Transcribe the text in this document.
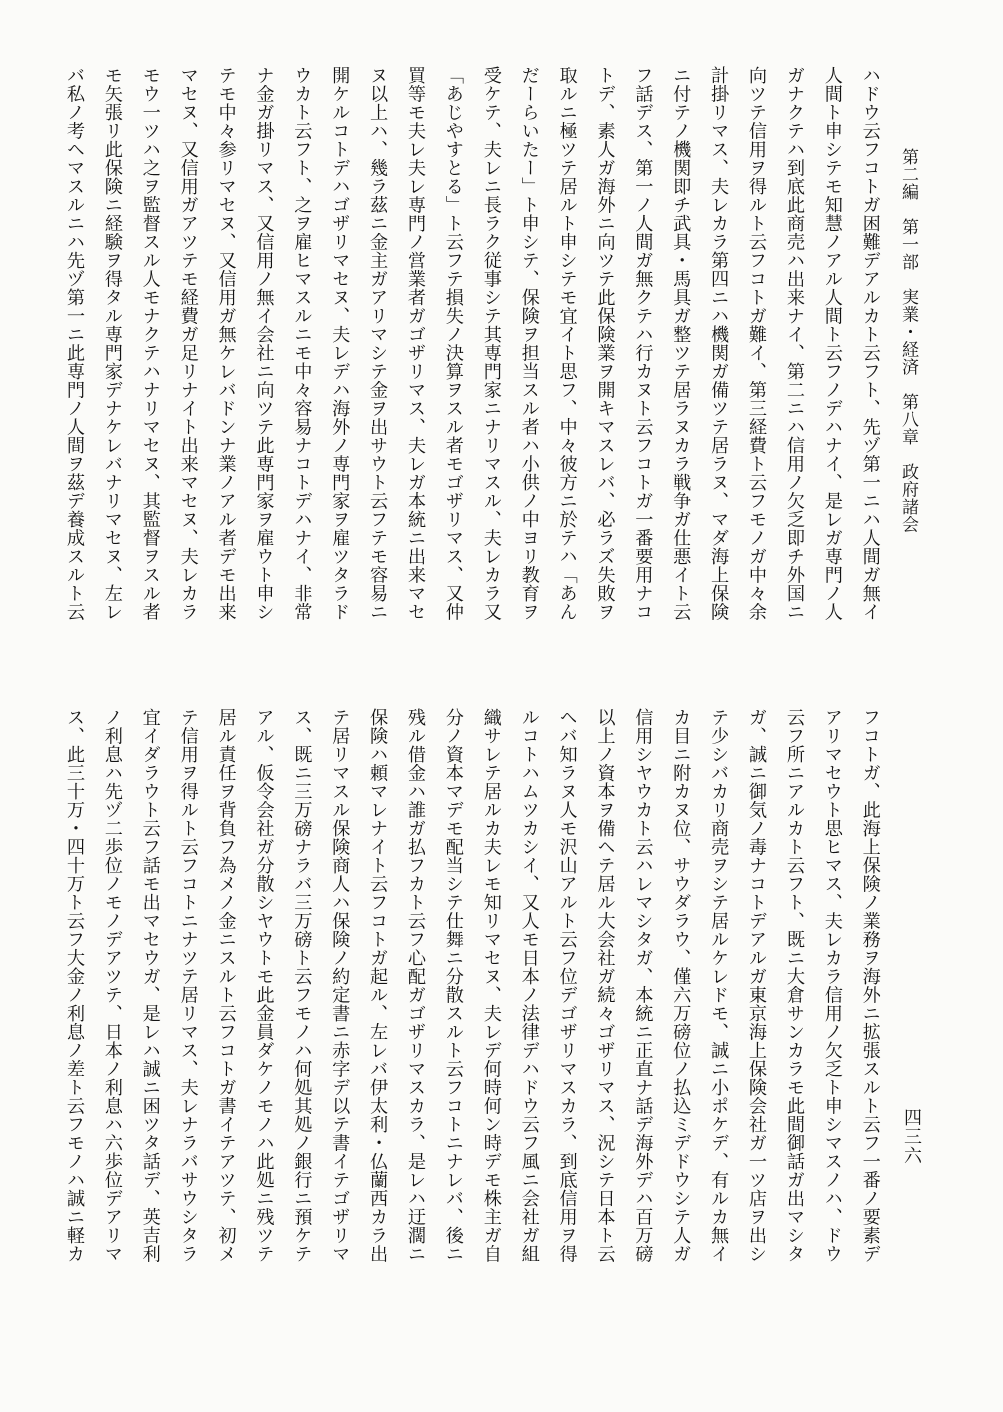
第二編　第一部　実業・経済　第八章　政府諸会
四三六
ハドウ云フコトガ困難デアルカト云フト、先ヅ第一ニハ人間ガ無イ
人間ト申シテモ知慧ノアル人間ト云フノデハナイ、是レガ専門ノ人
ガナクテハ到底此商売ハ出来ナイ、第二ニハ信用ノ欠乏即チ外国ニ
向ツテ信用ヲ得ルト云フコトガ難イ、第三経費ト云フモノガ中々余
計掛リマス、夫レカラ第四ニハ機関ガ備ツテ居ラヌ、マダ海上保険
ニ付テノ機関即チ武具・馬具ガ整ツテ居ラヌカラ戦争ガ仕悪イト云
フ話デス、第一ノ人間ガ無クテハ行カヌト云フコトガ一番要用ナコ
トデ、素人ガ海外ニ向ツテ此保険業ヲ開キマスレバ、必ラズ失敗ヲ
取ルニ極ツテ居ルト申シテモ宜イト思フ、中々彼方ニ於テハ「あん
だーらいたー」ト申シテ、保険ヲ担当スル者ハ小供ノ中ヨリ教育ヲ
受ケテ、夫レニ長ラク従事シテ其専門家ニナリマスル、夫レカラ又
「あじやすとる」ト云フテ損失ノ決算ヲスル者モゴザリマス、又仲
買等モ夫レ夫レ専門ノ営業者ガゴザリマス、夫レガ本統ニ出来マセ
ヌ以上ハ、幾ラ茲ニ金主ガアリマシテ金ヲ出サウト云フテモ容易ニ
開ケルコトデハゴザリマセヌ、夫レデハ海外ノ専門家ヲ雇ツタラド
ウカト云フト、之ヲ雇ヒマスルニモ中々容易ナコトデハナイ、非常
ナ金ガ掛リマス、又信用ノ無イ会社ニ向ツテ此専門家ヲ雇ウト申シ
テモ中々参リマセヌ、又信用ガ無ケレバドンナ業ノアル者デモ出来
マセヌ、又信用ガアツテモ経費ガ足リナイト出来マセヌ、夫レカラ
モウ一ツハ之ヲ監督スル人モナクテハナリマセヌ、其監督ヲスル者
モ矢張リ此保険ニ経験ヲ得タル専門家デナケレバナリマセヌ、左レ
バ私ノ考ヘマスルニハ先ヅ第一ニ此専門ノ人間ヲ茲デ養成スルト云
フコトガ、此海上保険ノ業務ヲ海外ニ拡張スルト云フ一番ノ要素デ
アリマセウト思ヒマス、夫レカラ信用ノ欠乏ト申シマスノハ、ドウ
云フ所ニアルカト云フト、既ニ大倉サンカラモ此間御話ガ出マシタ
ガ、誠ニ御気ノ毒ナコトデアルガ東京海上保険会社ガ一ツ店ヲ出シ
テ少シバカリ商売ヲシテ居ルケレドモ、誠ニ小ポケデ、有ルカ無イ
カ目ニ附カヌ位、サウダラウ、僅六万磅位ノ払込ミデドウシテ人ガ
信用シヤウカト云ハレマシタガ、本統ニ正直ナ話デ海外デハ百万磅
以上ノ資本ヲ備ヘテ居ル大会社ガ続々ゴザリマス、況シテ日本ト云
ヘバ知ラヌ人モ沢山アルト云フ位デゴザリマスカラ、到底信用ヲ得
ルコトハムツカシイ、又人モ日本ノ法律デハドウ云フ風ニ会社ガ組
織サレテ居ルカ夫レモ知リマセヌ、夫レデ何時何ン時デモ株主ガ自
分ノ資本マデモ配当シテ仕舞ニ分散スルト云フコトニナレバ、後ニ
残ル借金ハ誰ガ払フカト云フ心配ガゴザリマスカラ、是レハ迂濶ニ
保険ハ頼マレナイト云フコトガ起ル、左レバ伊太利・仏蘭西カラ出
テ居リマスル保険商人ハ保険ノ約定書ニ赤字デ以テ書イテゴザリマ
ス、既ニ三万磅ナラバ三万磅ト云フモノハ何処其処ノ銀行ニ預ケテ
アル、仮令会社ガ分散シヤウトモ此金員ダケノモノハ此処ニ残ツテ
居ル責任ヲ背負フ為メノ金ニスルト云フコトガ書イテアツテ、初メ
テ信用ヲ得ルト云フコトニナツテ居リマス、夫レナラバサウシタラ
宜イダラウト云フ話モ出マセウガ、是レハ誠ニ困ツタ話デ、英吉利
ノ利息ハ先ヅ二歩位ノモノデアツテ、日本ノ利息ハ六歩位デアリマ
ス、此三十万・四十万ト云フ大金ノ利息ノ差ト云フモノハ誠ニ軽カ
